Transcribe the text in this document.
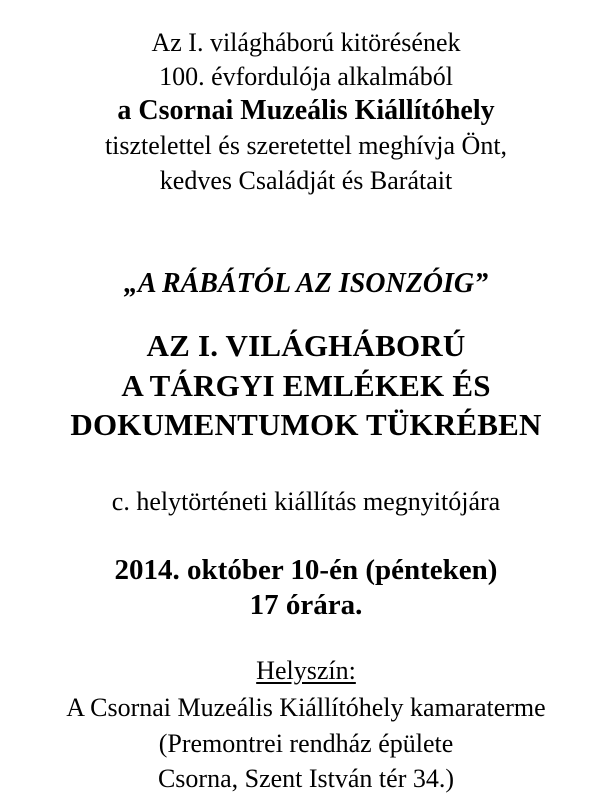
Az I. világháború kitörésének
100. évfordulója alkalmából
a Csornai Muzeális Kiállítóhely
tisztelettel és szeretettel meghívja Önt,
kedves Családját és Barátait
„A RÁBÁTÓL AZ ISONZÓIG”
AZ I. VILÁGHÁBORÚ
A TÁRGYI EMLÉKEK ÉS
DOKUMENTUMOK TÜKRÉBEN
c. helytörténeti kiállítás megnyitójára
2014. október 10-én (pénteken)
17 órára.
Helyszín:
A Csornai Muzeális Kiállítóhely kamaraterme
(Premontrei rendház épülete
Csorna, Szent István tér 34.)
